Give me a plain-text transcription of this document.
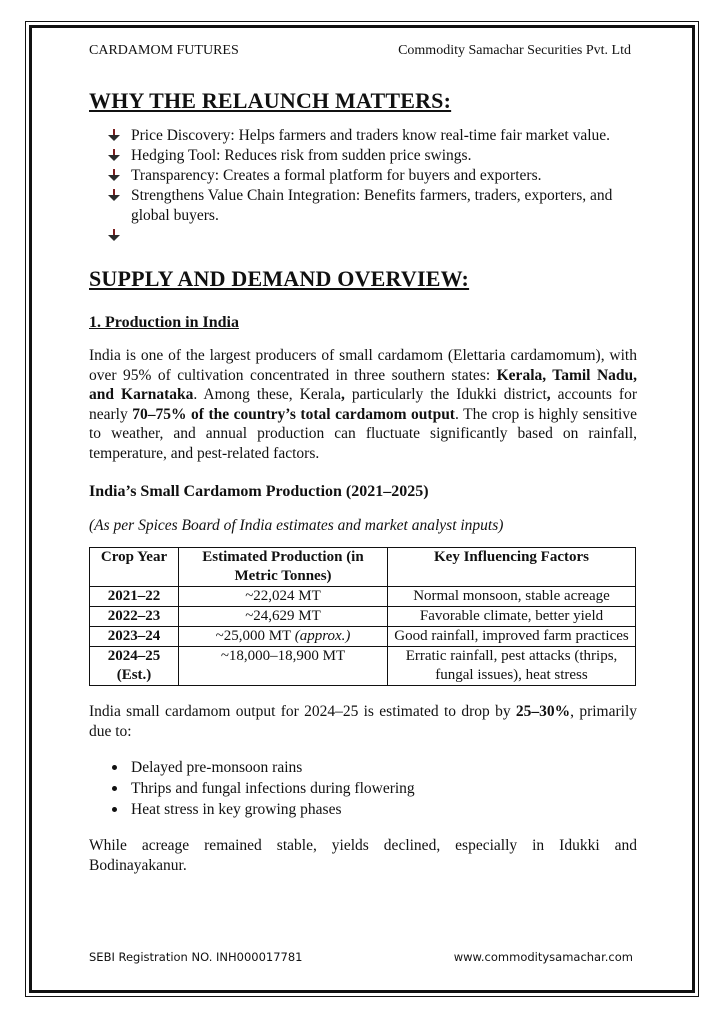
CARDAMOM FUTURES	Commodity Samachar Securities Pvt. Ltd
WHY THE RELAUNCH MATTERS:
Price Discovery: Helps farmers and traders know real-time fair market value.
Hedging Tool: Reduces risk from sudden price swings.
Transparency: Creates a formal platform for buyers and exporters.
Strengthens Value Chain Integration: Benefits farmers, traders, exporters, and global buyers.
SUPPLY AND DEMAND OVERVIEW:
1. Production in India

India is one of the largest producers of small cardamom (Elettaria cardamomum), with over 95% of cultivation concentrated in three southern states: Kerala, Tamil Nadu, and Karnataka. Among these, Kerala, particularly the Idukki district, accounts for nearly 70–75% of the country’s total cardamom output. The crop is highly sensitive to weather, and annual production can fluctuate significantly based on rainfall, temperature, and pest-related factors.

India’s Small Cardamom Production (2021–2025)
(As per Spices Board of India estimates and market analyst inputs)
Crop Year	Estimated Production (in Metric Tonnes)	Key Influencing Factors
2021–22	~22,024 MT	Normal monsoon, stable acreage
2022–23	~24,629 MT	Favorable climate, better yield
2023–24	~25,000 MT (approx.)	Good rainfall, improved farm practices
2024–25 (Est.)	~18,000–18,900 MT	Erratic rainfall, pest attacks (thrips, fungal issues), heat stress

India small cardamom output for 2024–25 is estimated to drop by 25–30%, primarily due to:

Delayed pre-monsoon rains
Thrips and fungal infections during flowering
Heat stress in key growing phases

While acreage remained stable, yields declined, especially in Idukki and Bodinayakanur.

SEBI Registration NO. INH000017781	www.commoditysamachar.com
